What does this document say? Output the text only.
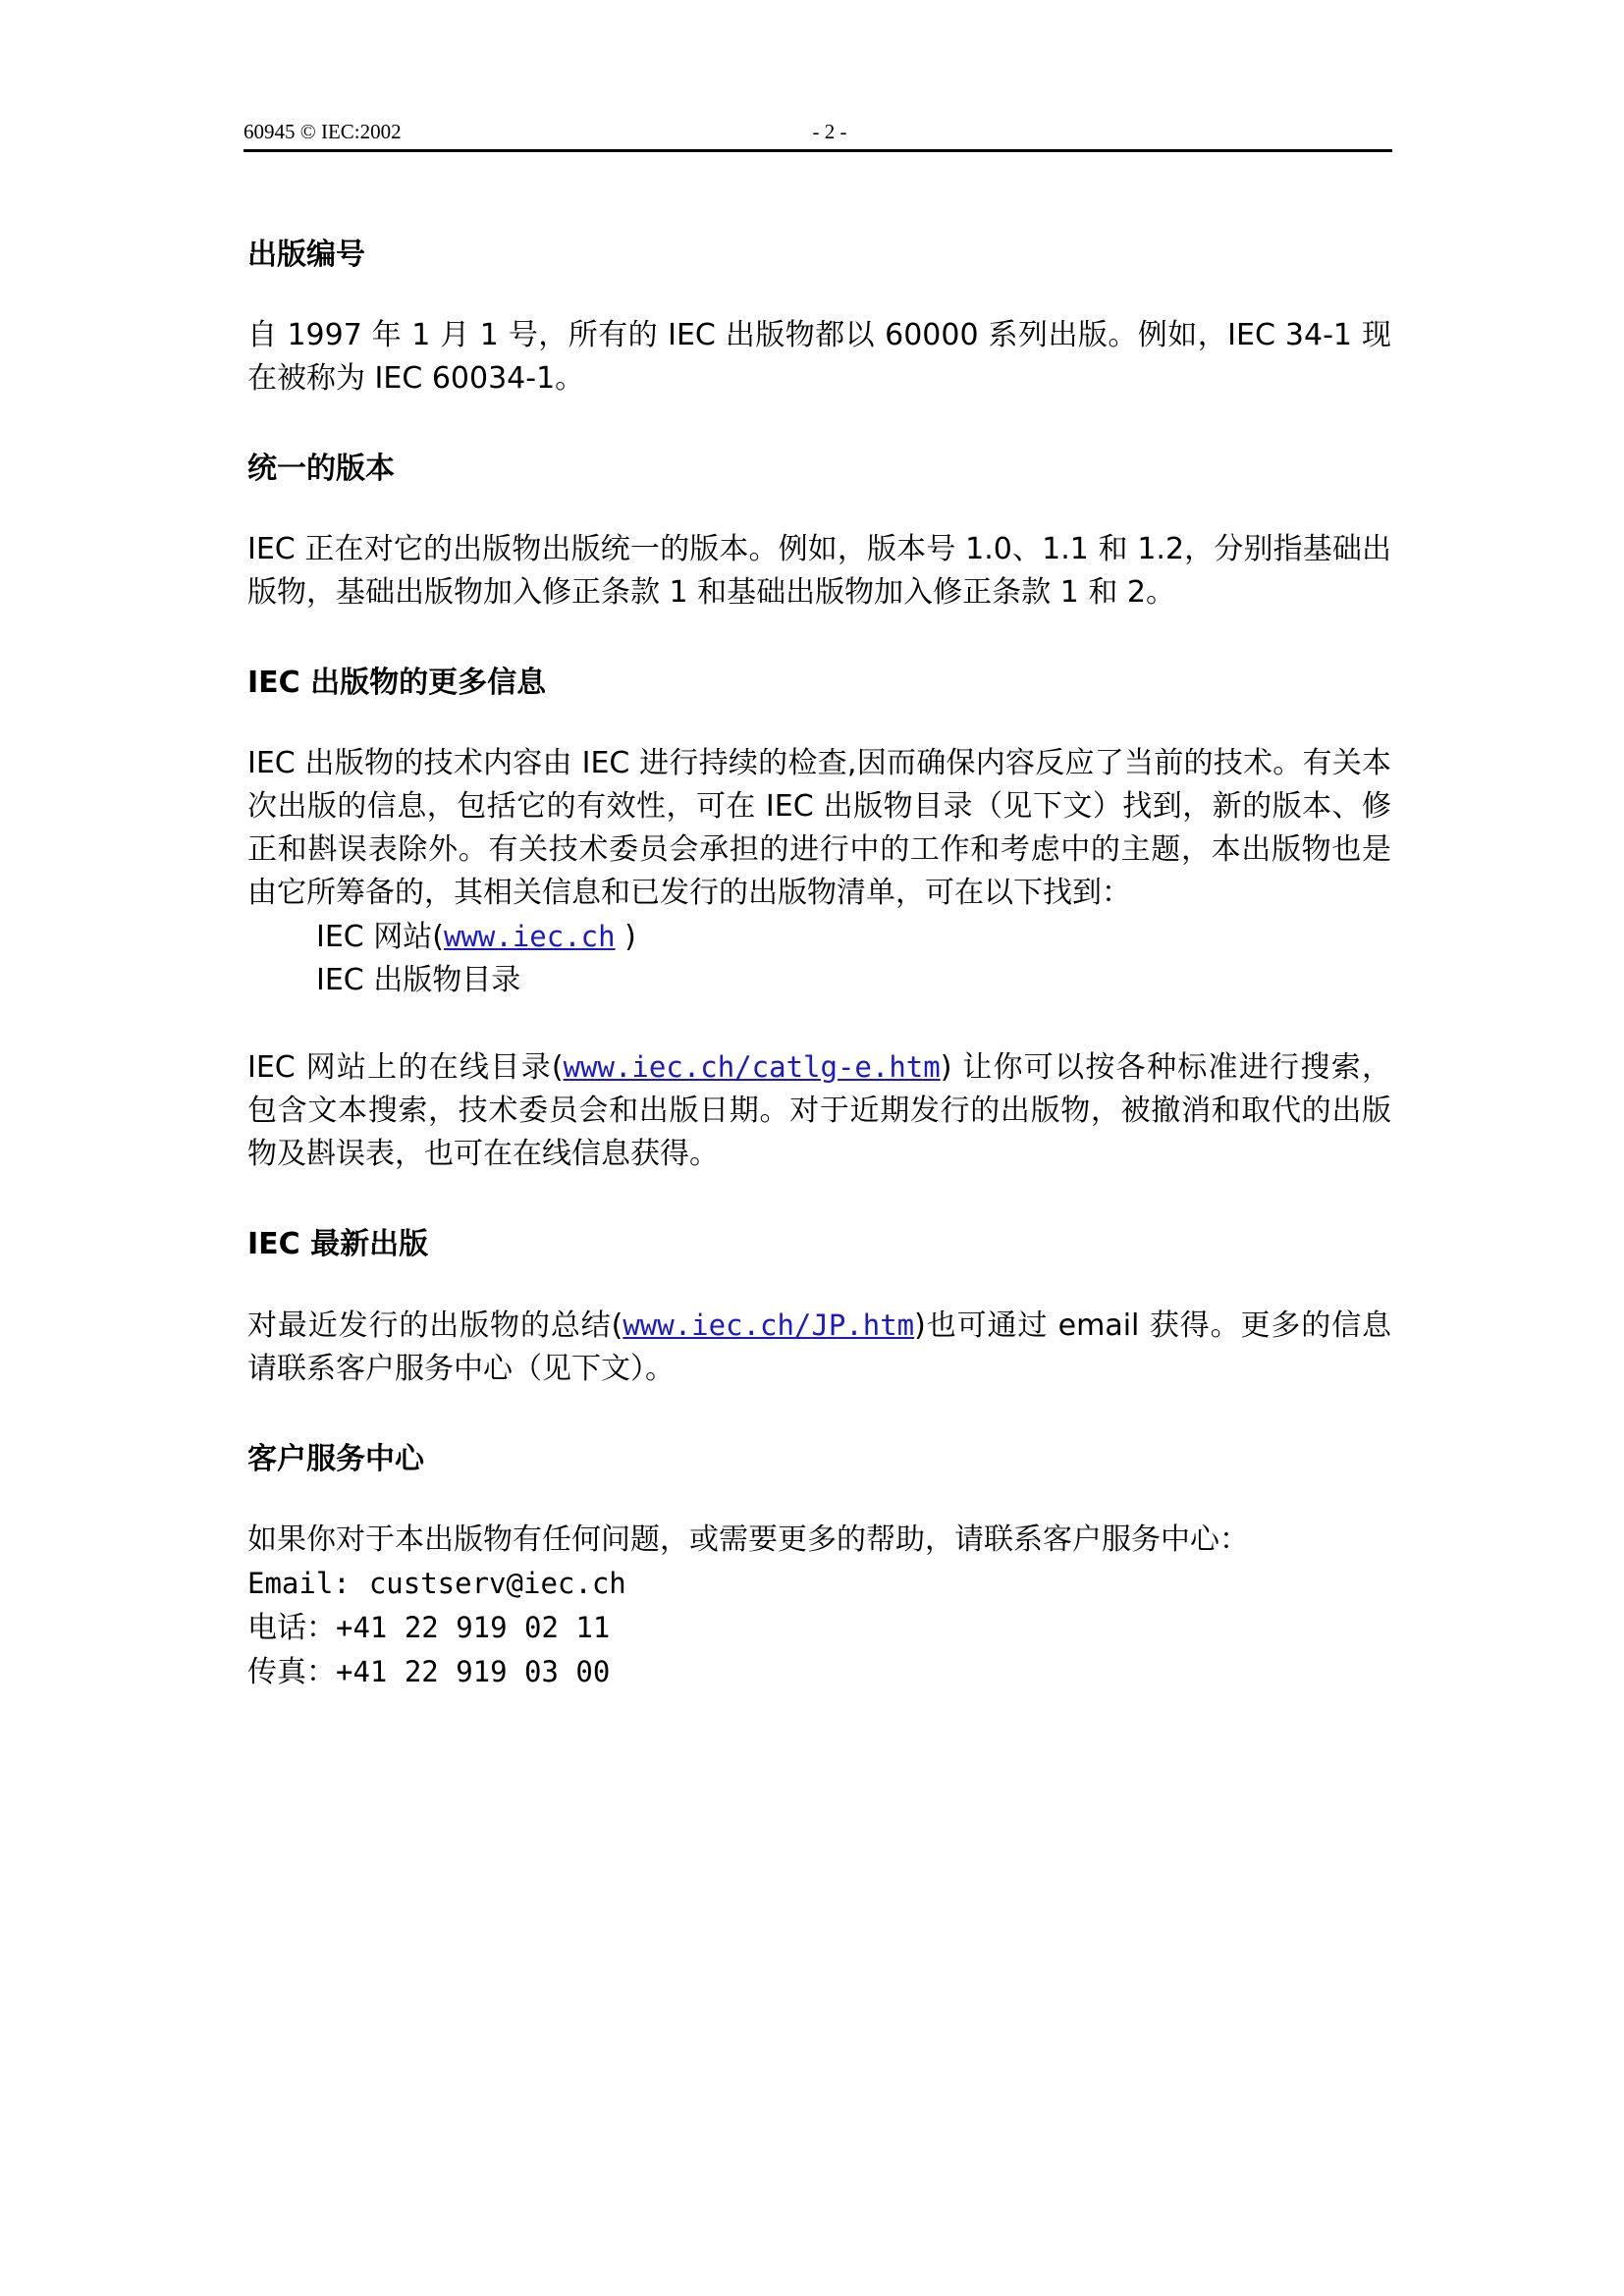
60945 © IEC:2002	- 2 -
出版编号

自 1997 年 1 月 1 号，所有的 IEC 出版物都以 60000 系列出版。例如，IEC 34-1 现在被称为 IEC 60034-1。

统一的版本

IEC 正在对它的出版物出版统一的版本。例如，版本号 1.0、1.1 和 1.2，分别指基础出版物，基础出版物加入修正条款 1 和基础出版物加入修正条款 1 和 2。

IEC 出版物的更多信息

IEC 出版物的技术内容由 IEC 进行持续的检查,因而确保内容反应了当前的技术。有关本次出版的信息，包括它的有效性，可在 IEC 出版物目录（见下文）找到，新的版本、修正和斟误表除外。有关技术委员会承担的进行中的工作和考虑中的主题，本出版物也是由它所筹备的，其相关信息和已发行的出版物清单，可在以下找到：

IEC 网站(www.iec.ch )

IEC 出版物目录

IEC 网站上的在线目录(www.iec.ch/catlg-e.htm) 让你可以按各种标准进行搜索，包含文本搜索，技术委员会和出版日期。对于近期发行的出版物，被撤消和取代的出版物及斟误表，也可在在线信息获得。

IEC 最新出版

对最近发行的出版物的总结(www.iec.ch/JP.htm)也可通过 email 获得。更多的信息请联系客户服务中心（见下文）。

客户服务中心

如果你对于本出版物有任何问题，或需要更多的帮助，请联系客户服务中心：

Email: custserv@iec.ch

电话：+41 22 919 02 11

传真：+41 22 919 03 00
